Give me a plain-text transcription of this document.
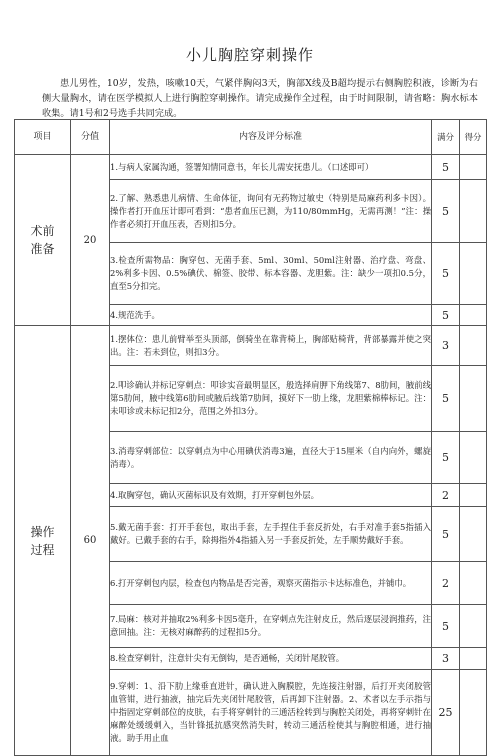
小儿胸腔穿刺操作
患儿男性，10岁，发热，咳嗽10天，气紧伴胸闷3天，胸部X线及B超均提示右侧胸腔积液，诊断为右侧大量胸水，请在医学模拟人上进行胸腔穿刺操作。请完成操作全过程，由于时间限制，请省略：胸水标本收集。请1号和2号选手共同完成。
项目	分值	内容及评分标准	满分	得分

术前
准备	20	1.与病人家属沟通，签署知情同意书，年长儿需安抚患儿。（口述即可）	5	
		2.了解、熟悉患儿病情、生命体征，询问有无药物过敏史（特别是局麻药利多卡因）。操作者打开血压计即可看到：“患者血压已测，为110/80mmHg，无需再测！”注：操作者必须打开血压表，否则扣5分。	5	
		3.检查所需物品：胸穿包、无菌手套、5ml、30ml、50ml注射器、治疗盘、弯盘、2%利多卡因、0.5%碘伏、棉签、胶带、标本容器、龙胆紫。注：缺少一项扣0.5分，直至5分扣完。	5	
		4.规范洗手。	5	

操作
过程	60	1.摆体位：患儿前臂举至头顶部，倒骑坐在靠背椅上，胸部贴椅背，背部暴露并使之突出。注：若未到位，则扣3分。	3	
		2.叩诊确认并标记穿刺点：叩诊实音最明显区，般选择肩胛下角线第7、8肋间，腋前线第5肋间，腋中线第6肋间或腋后线第7肋间，摸好下一肋上缘，龙胆紫棉棒标记。注：未叩诊或未标记扣2分，范围之外扣3分。	5	
		3.消毒穿刺部位：以穿刺点为中心用碘伏消毒3遍，直径大于15厘米（自内向外，螺旋消毒）。	5	
		4.取胸穿包，确认灭菌标识及有效期，打开穿刺包外层。	2	
		5.戴无菌手套：打开手套包，取出手套，左手捏住手套反折处，右手对准手套5指插入戴好。已戴手套的右手，除拇指外4指插入另一手套反折处，左手顺势戴好手套。	5	
		6.打开穿刺包内层，检查包内物品是否完善，观察灭菌指示卡达标准色，并铺巾。	2	
		7.局麻：核对并抽取2%利多卡因5毫升，在穿刺点先注射皮丘，然后逐层浸润推药，注意回抽。注：无核对麻醉药的过程扣5分。	5	
		8.检查穿刺针，注意针尖有无倒钩，是否通畅，关闭针尾胶管。	3	
		9.穿刺：1、沿下肋上缘垂直进针，确认进入胸膜腔，先连接注射器，后打开夹闭胶管血管钳，进行抽液，抽完后先夹闭针尾胶管，后再卸下注射器。2、术者以左手示指与中指固定穿刺部位的皮肤，右手将穿刺针的三通活栓转到与胸腔关闭处，再将穿刺针在麻醉处缓缓刺入，当针锋抵抗感突然消失时，转动三通活栓使其与胸腔相通，进行抽液。助手用止血	25	
